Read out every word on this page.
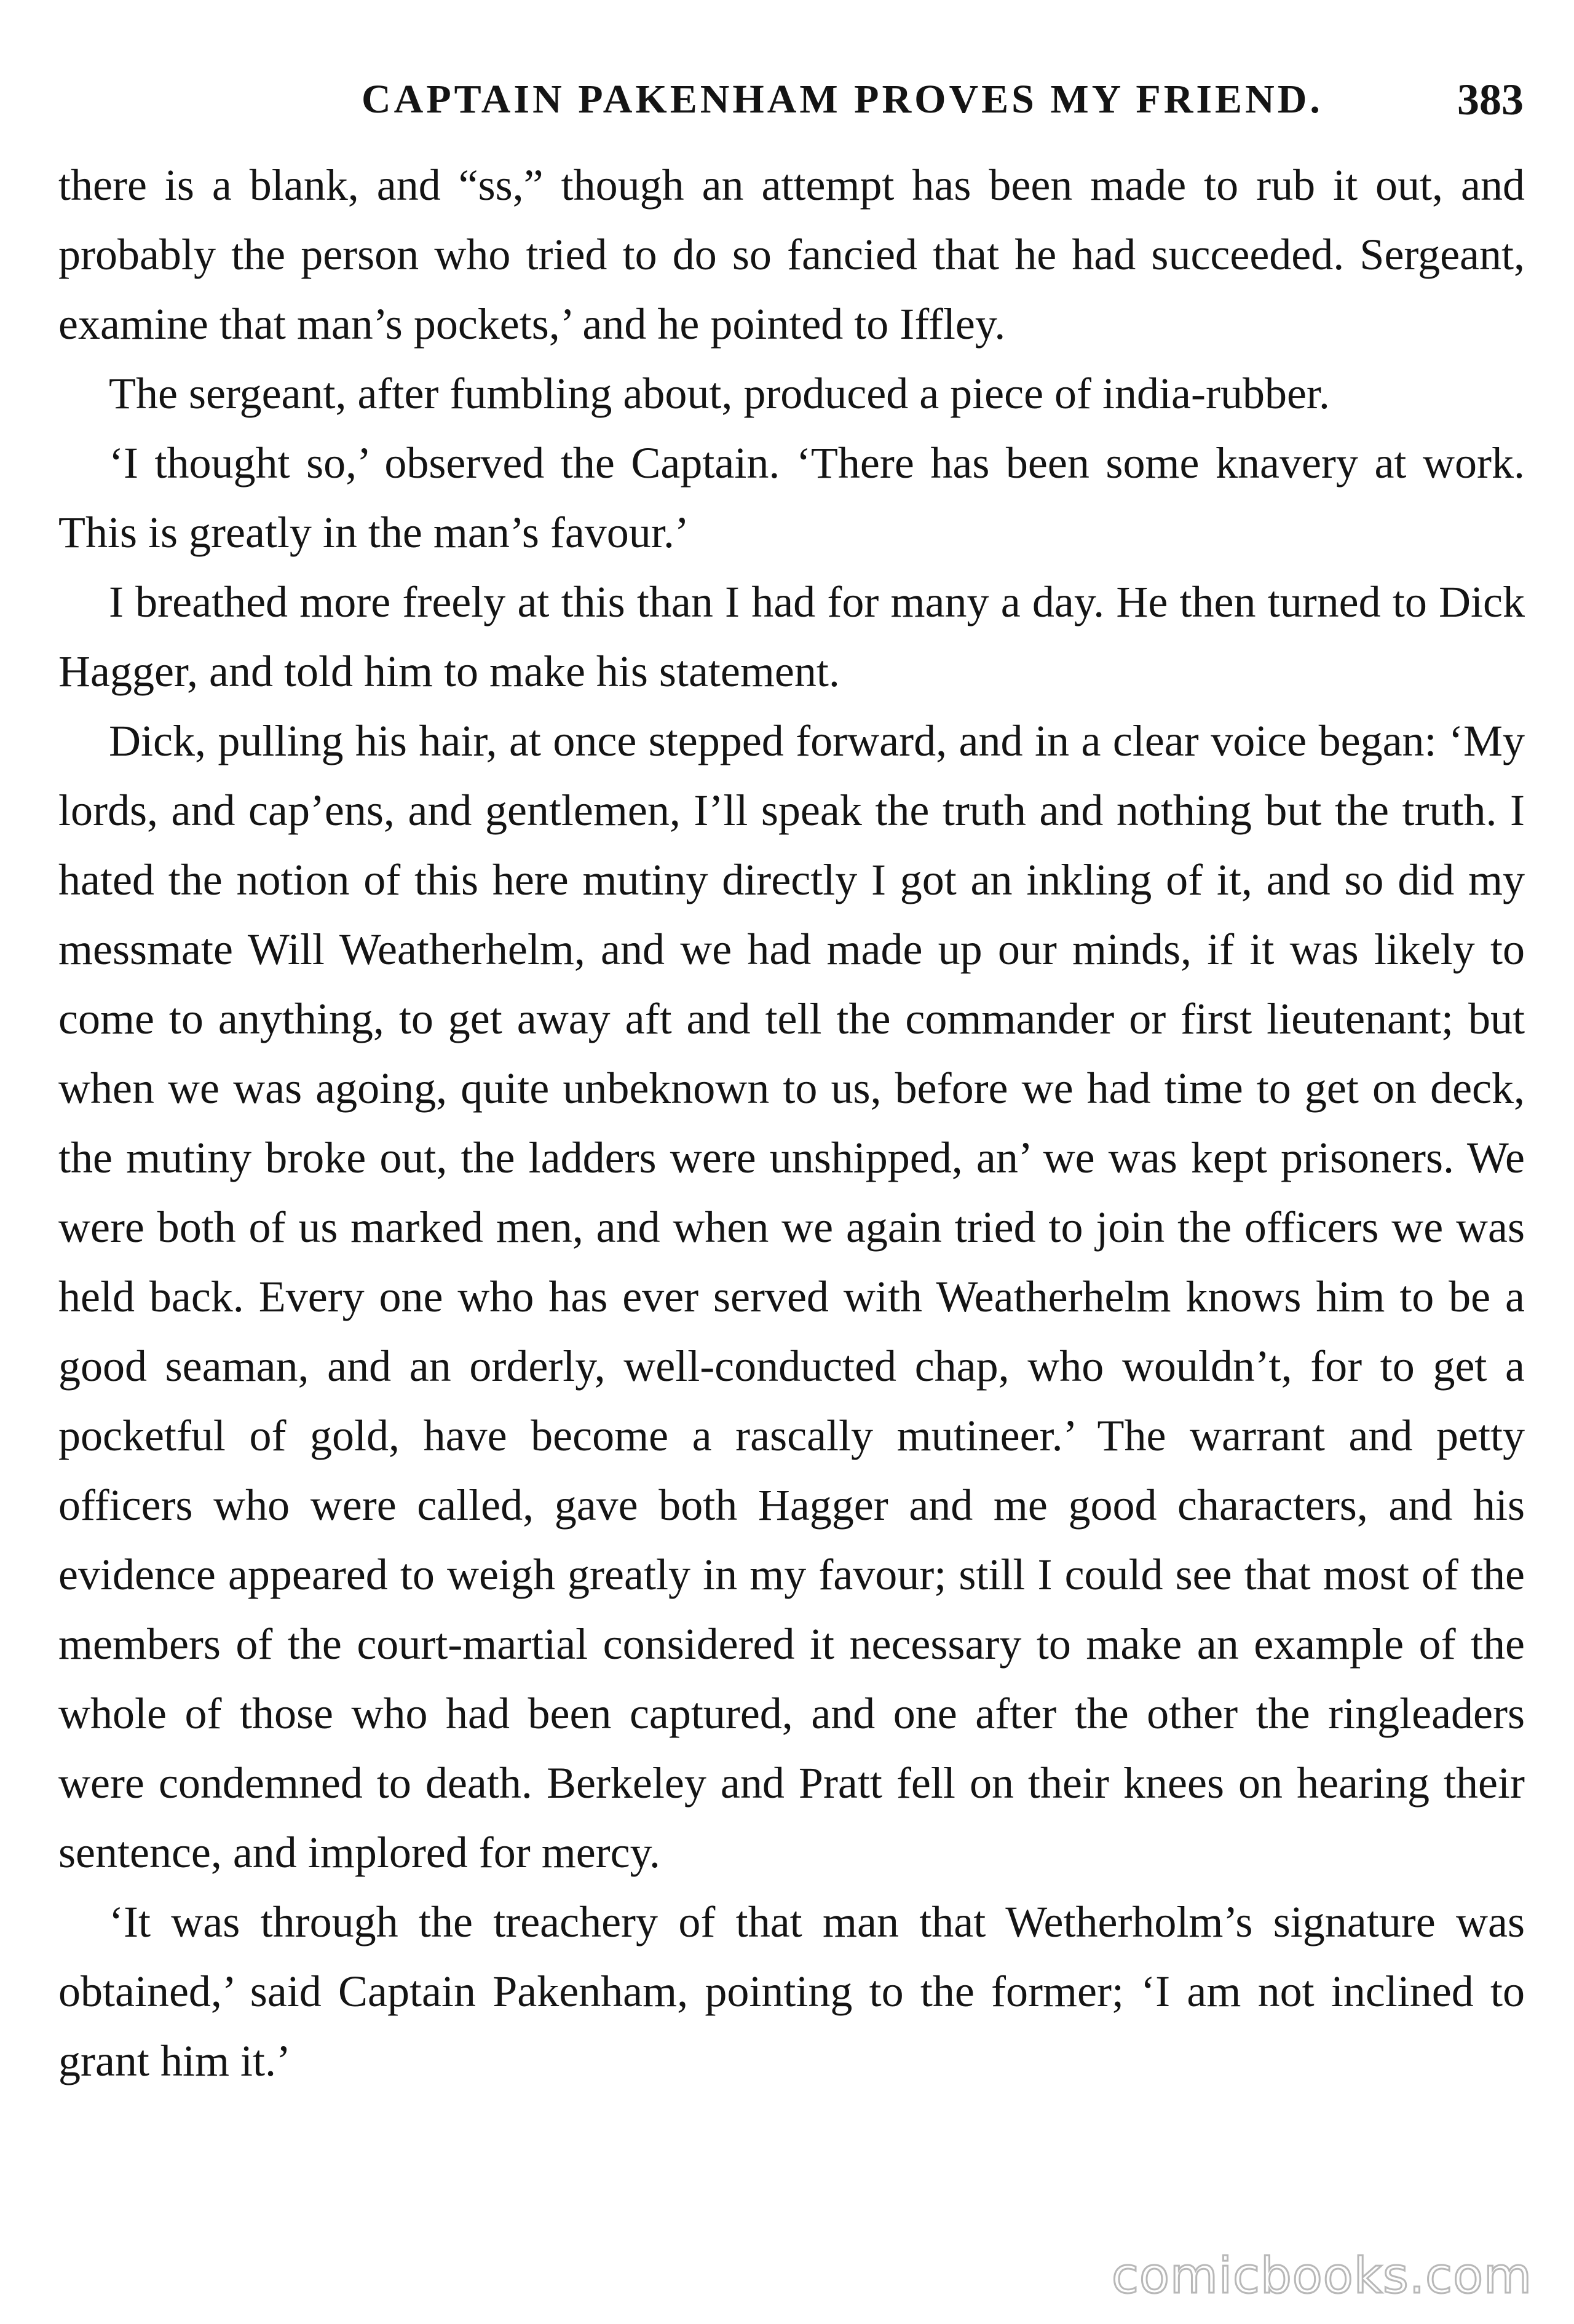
CAPTAIN PAKENHAM PROVES MY FRIEND.	383

there is a blank, and “ss,” though an attempt has been made to rub it out, and probably the person who tried to do so fancied that he had succeeded. Sergeant, examine that man’s pockets,’ and he pointed to Iffley.

The sergeant, after fumbling about, produced a piece of india-rubber.

‘I thought so,’ observed the Captain. ‘There has been some knavery at work. This is greatly in the man’s favour.’

I breathed more freely at this than I had for many a day. He then turned to Dick Hagger, and told him to make his statement.

Dick, pulling his hair, at once stepped forward, and in a clear voice began: ‘My lords, and cap’ens, and gentlemen, I’ll speak the truth and nothing but the truth. I hated the notion of this here mutiny directly I got an inkling of it, and so did my messmate Will Weatherhelm, and we had made up our minds, if it was likely to come to anything, to get away aft and tell the commander or first lieutenant; but when we was agoing, quite unbeknown to us, before we had time to get on deck, the mutiny broke out, the ladders were unshipped, an’ we was kept prisoners. We were both of us marked men, and when we again tried to join the officers we was held back. Every one who has ever served with Weatherhelm knows him to be a good seaman, and an orderly, well-conducted chap, who wouldn’t, for to get a pocketful of gold, have become a rascally mutineer.’ The warrant and petty officers who were called, gave both Hagger and me good characters, and his evidence appeared to weigh greatly in my favour; still I could see that most of the members of the court-martial considered it necessary to make an example of the whole of those who had been captured, and one after the other the ringleaders were condemned to death. Berkeley and Pratt fell on their knees on hearing their sentence, and implored for mercy.

‘It was through the treachery of that man that Wetherholm’s signature was obtained,’ said Captain Pakenham, pointing to the former; ‘I am not inclined to grant him it.’

comicbooks.com
